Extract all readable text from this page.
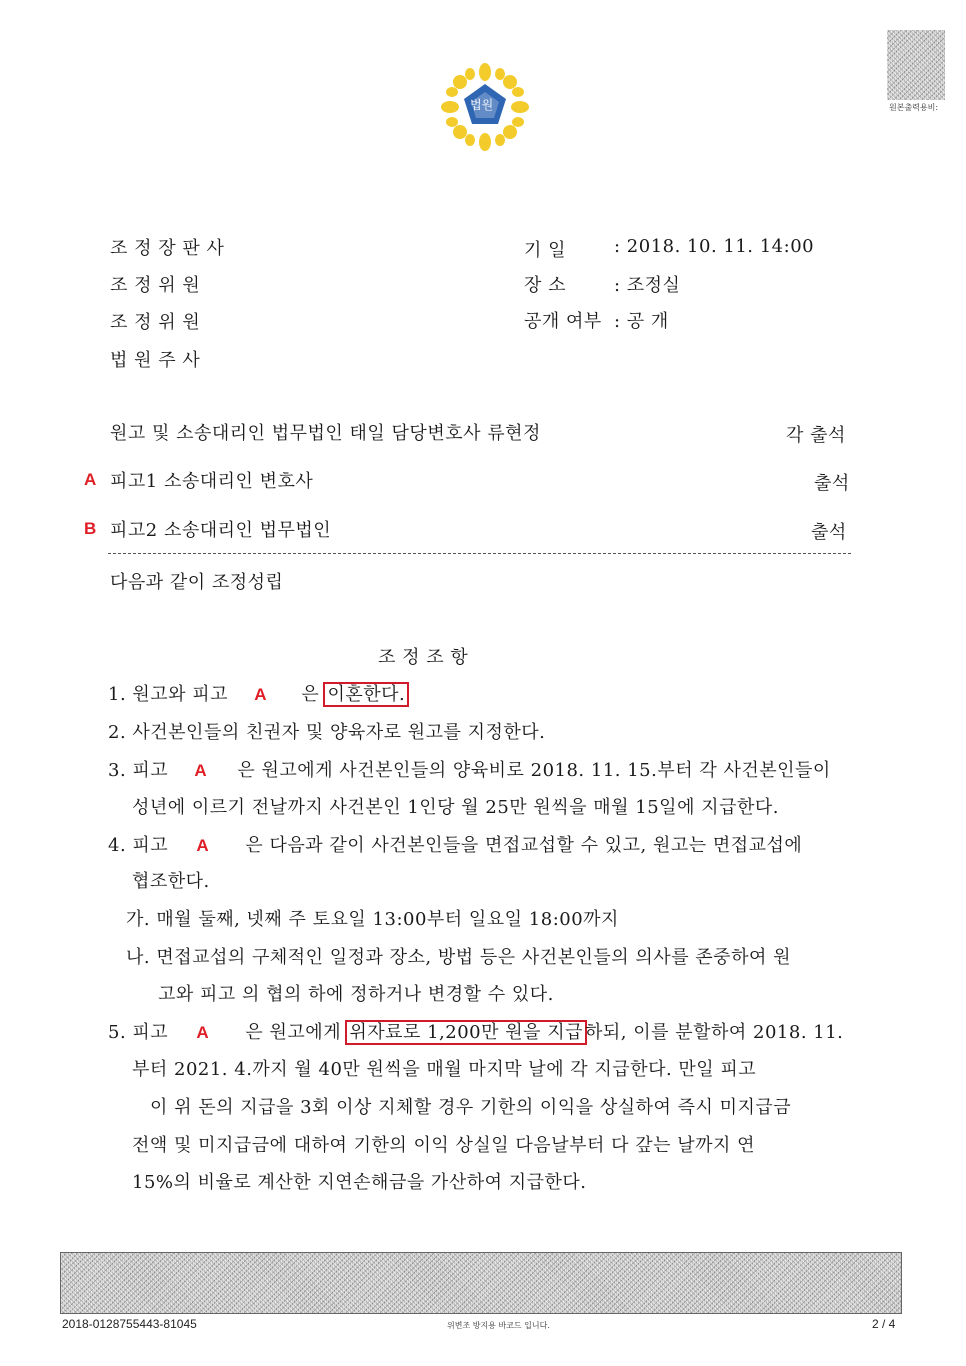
법원	원본출력용비:
조 정 장 판 사
조 정 위 원
조 정 위 원
법 원 주 사
기 일	: 2018. 10. 11. 14:00
장 소	: 조정실
공개 여부 : 공 개
원고 및 소송대리인 법무법인 태일 담당변호사 류현정	각 출석
A 피고1 소송대리인 변호사	출석
B 피고2 소송대리인 법무법인	출석
다음과 같이 조정성립
조 정 조 항
1. 원고와 피고 A 은 이혼한다.
2. 사건본인들의 친권자 및 양육자로 원고를 지정한다.
3. 피고 A 은 원고에게 사건본인들의 양육비로 2018. 11. 15.부터 각 사건본인들이
성년에 이르기 전날까지 사건본인 1인당 월 25만 원씩을 매월 15일에 지급한다.
4. 피고 A 은 다음과 같이 사건본인들을 면접교섭할 수 있고, 원고는 면접교섭에
협조한다.
가. 매월 둘째, 넷째 주 토요일 13:00부터 일요일 18:00까지
나. 면접교섭의 구체적인 일정과 장소, 방법 등은 사건본인들의 의사를 존중하여 원
고와 피고 의 협의 하에 정하거나 변경할 수 있다.
5. 피고 A 은 원고에게 위자료로 1,200만 원을 지급 하되, 이를 분할하여 2018. 11.
부터 2021. 4.까지 월 40만 원씩을 매월 마지막 날에 각 지급한다. 만일 피고
이 위 돈의 지급을 3회 이상 지체할 경우 기한의 이익을 상실하여 즉시 미지급금
전액 및 미지급금에 대하여 기한의 이익 상실일 다음날부터 다 갚는 날까지 연
15%의 비율로 계산한 지연손해금을 가산하여 지급한다.
2018-0128755443-81045	위변조 방지용 바코드 입니다.	2 / 4
